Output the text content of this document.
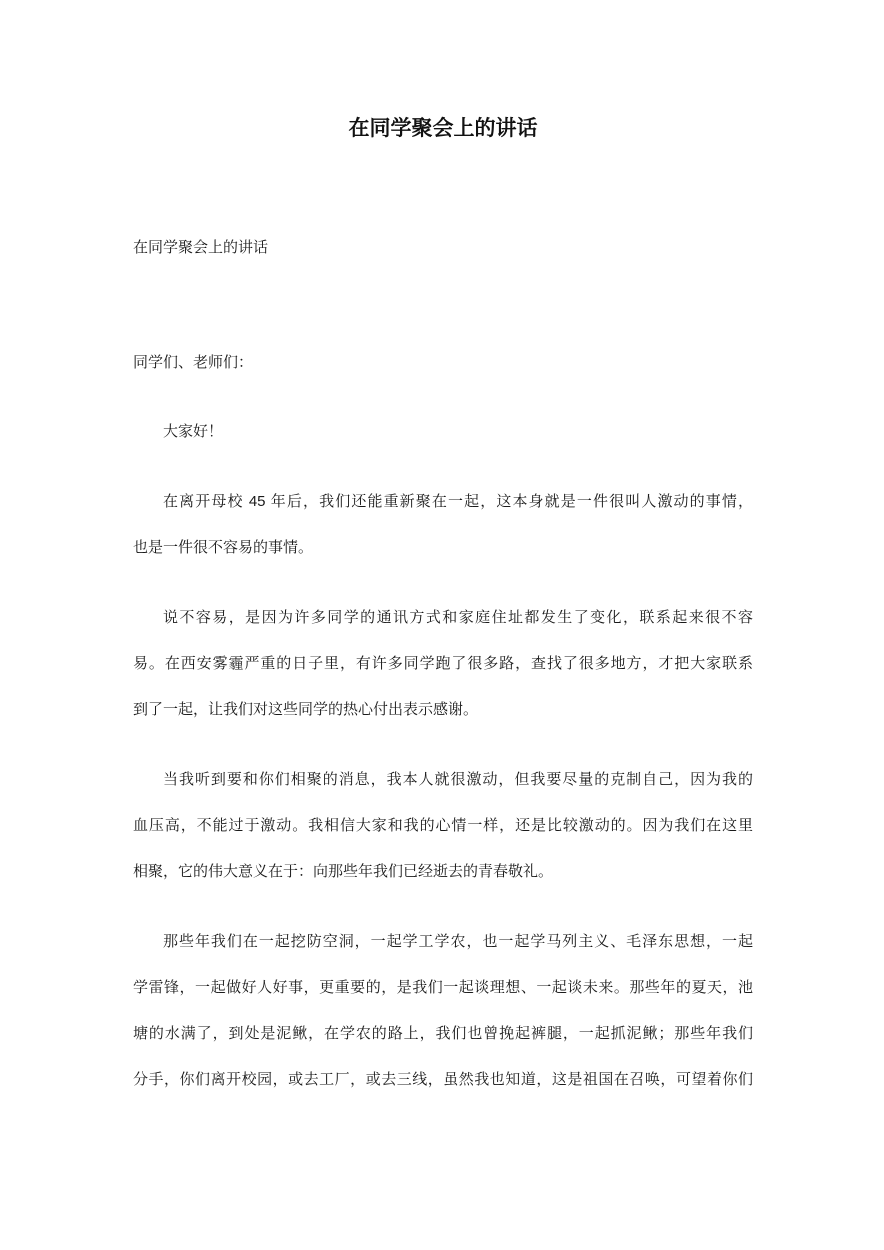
在同学聚会上的讲话
在同学聚会上的讲话
同学们、老师们：
大家好！
在离开母校 45 年后，我们还能重新聚在一起，这本身就是一件很叫人激动的事情，
也是一件很不容易的事情。
说不容易，是因为许多同学的通讯方式和家庭住址都发生了变化，联系起来很不容
易。在西安雾霾严重的日子里，有许多同学跑了很多路，查找了很多地方，才把大家联系
到了一起，让我们对这些同学的热心付出表示感谢。
当我听到要和你们相聚的消息，我本人就很激动，但我要尽量的克制自己，因为我的
血压高，不能过于激动。我相信大家和我的心情一样，还是比较激动的。因为我们在这里
相聚，它的伟大意义在于：向那些年我们已经逝去的青春敬礼。
那些年我们在一起挖防空洞，一起学工学农，也一起学马列主义、毛泽东思想，一起
学雷锋，一起做好人好事，更重要的，是我们一起谈理想、一起谈未来。那些年的夏天，池
塘的水满了，到处是泥鳅，在学农的路上，我们也曾挽起裤腿，一起抓泥鳅；那些年我们
分手，你们离开校园，或去工厂，或去三线，虽然我也知道，这是祖国在召唤，可望着你们
